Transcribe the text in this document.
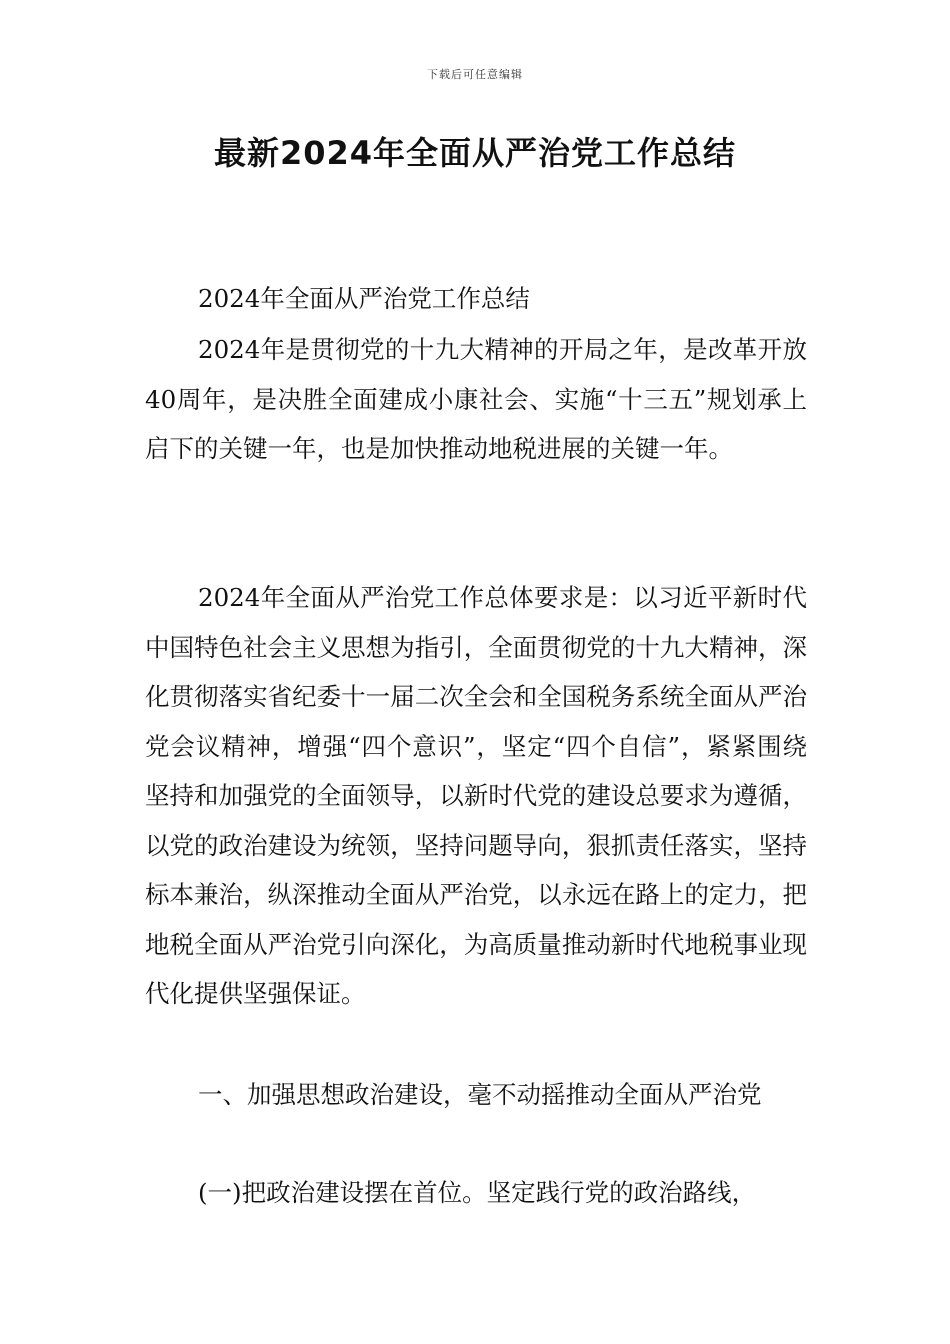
下载后可任意编辑
最新2024年全面从严治党工作总结

2024年全面从严治党工作总结

2024年是贯彻党的十九大精神的开局之年，是改革开放40周年，是决胜全面建成小康社会、实施“十三五”规划承上启下的关键一年，也是加快推动地税进展的关键一年。

2024年全面从严治党工作总体要求是：以习近平新时代中国特色社会主义思想为指引，全面贯彻党的十九大精神，深化贯彻落实省纪委十一届二次全会和全国税务系统全面从严治党会议精神，增强“四个意识”，坚定“四个自信”，紧紧围绕坚持和加强党的全面领导，以新时代党的建设总要求为遵循，以党的政治建设为统领，坚持问题导向，狠抓责任落实，坚持标本兼治，纵深推动全面从严治党，以永远在路上的定力，把地税全面从严治党引向深化，为高质量推动新时代地税事业现代化提供坚强保证。

一、加强思想政治建设，毫不动摇推动全面从严治党

(一)把政治建设摆在首位。坚定践行党的政治路线，
